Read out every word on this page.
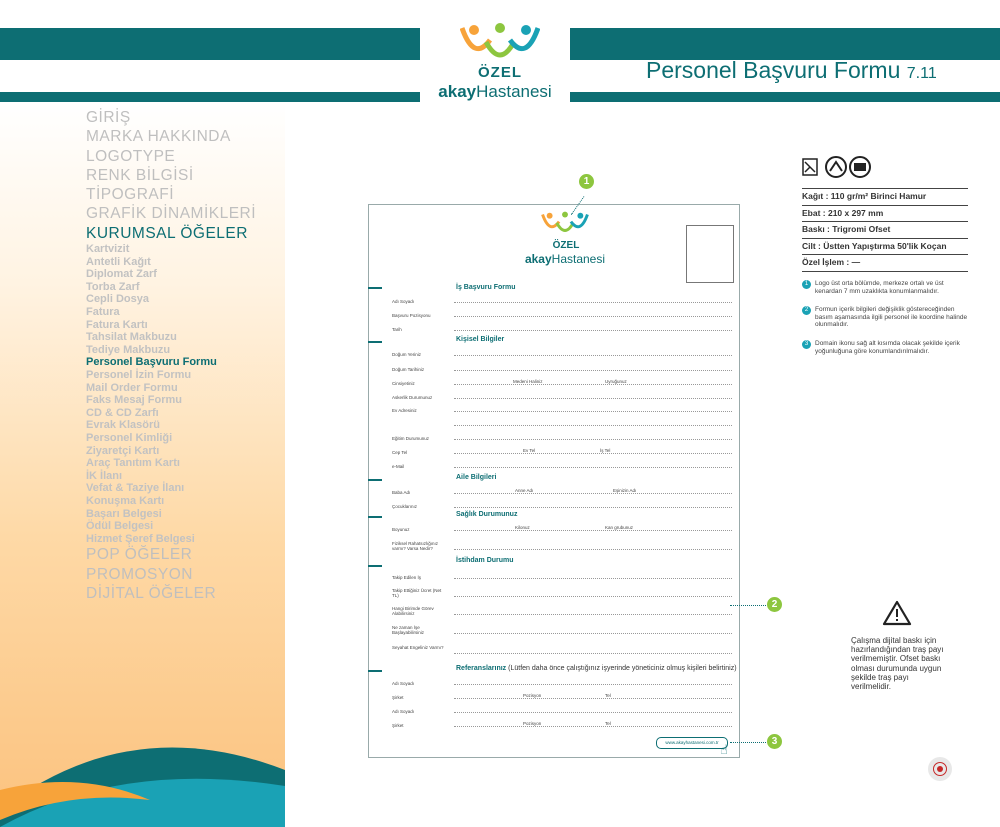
ÖZEL
akayHastanesi
Personel Başvuru Formu 7.11
GİRİŞ
MARKA HAKKINDA
LOGOTYPE
RENK BİLGİSİ
TİPOGRAFİ
GRAFİK DİNAMİKLERİ
KURUMSAL ÖĞELER
Kartvizit
Antetli Kağıt
Diplomat Zarf
Torba Zarf
Cepli Dosya
Fatura
Fatura Kartı
Tahsilat Makbuzu
Tediye Makbuzu
Personel Başvuru Formu
Personel İzin Formu
Mail Order Formu
Faks Mesaj Formu
CD & CD Zarfı
Evrak Klasörü
Personel Kimliği
Ziyaretçi Kartı
Araç Tanıtım Kartı
İK İlanı
Vefat & Taziye İlanı
Konuşma Kartı
Başarı Belgesi
Ödül Belgesi
Hizmet Şeref Belgesi
POP ÖĞELER
PROMOSYON
DİJİTAL ÖĞELER
ÖZEL
akayHastanesi
İş Başvuru Formu
Adı Soyadı
Başvuru Pozisyonu
Tarih
Kişisel Bilgiler
Doğum Yeriniz
Doğum Tarihiniz
Cinsiyetiniz	Medeni Haliniz	Uyruğunuz
Askerlik Durumunuz
Ev Adresiniz
Eğitim Durumunuz
Cep Tel	Ev Tel	İş Tel
e-Mail
Aile Bilgileri
Baba Adı	Anne Adı	Eşinizin Adı
Çocuklarınız
Sağlık Durumunuz
Boyunuz	Kilonuz	Kan grubunuz
Fiziksel Rahatsızlığınız varmı? Varsa Nedir?
İstihdam Durumu
Takip Edilen İş
Takip Ettiğiniz Ücret (Net TL)
Hangi Birimde Görev Alabilirsiniz
Ne zaman İşe Başlayabilirsiniz
Seyahat Engeliniz Varmı?
Referanslarınız (Lütfen daha önce çalıştığınız işyerinde yöneticiniz olmuş kişileri belirtiniz)
Adı Soyadı
Şirket	Pozisyon	Tel
Adı Soyadı
Şirket	Pozisyon	Tel
www.akayhastanesi.com.tr ☝
1
2
3
Kağıt : 110 gr/m² Birinci Hamur
Ebat : 210 x 297 mm
Baskı : Trigromi Ofset
Cilt : Üstten Yapıştırma 50'lik Koçan
Özel İşlem : —
1	Logo üst orta bölümde, merkeze ortalı ve üst kenardan 7 mm uzaklıkta konumlanmalıdır.
2	Formun içerik bilgileri değişiklik göstereceğinden basım aşamasında ilgili personel ile koordine halinde olunmalıdır.
3	Domain ikonu sağ alt kısımda olacak şekilde içerik yoğunluğuna göre konumlandırılmalıdır.
Çalışma dijital baskı için hazırlandığından traş payı verilmemiştir. Ofset baskı olması durumunda uygun şekilde traş payı verilmelidir.
